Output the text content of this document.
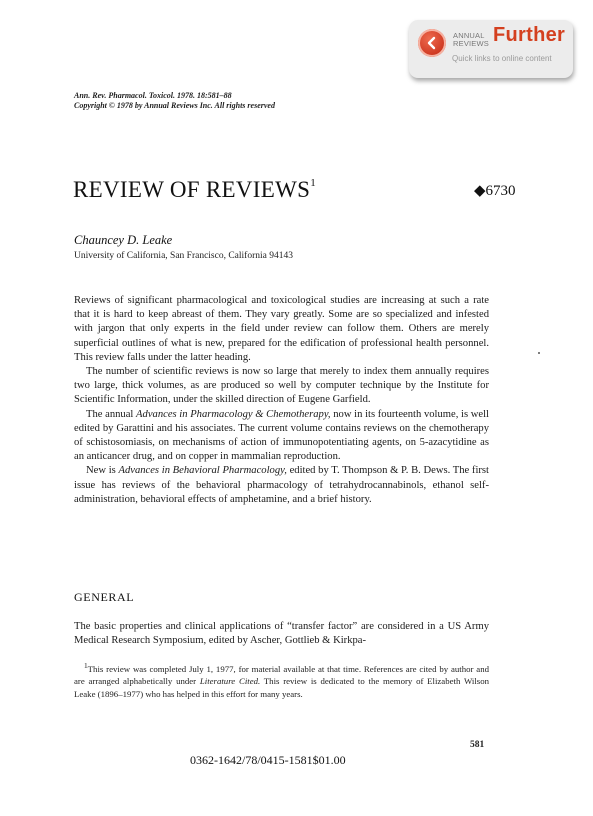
ANNUAL
REVIEWS Further
Quick links to online content
Ann. Rev. Pharmacol. Toxicol. 1978. 18:581–88
Copyright © 1978 by Annual Reviews Inc. All rights reserved
REVIEW OF REVIEWS$^1$	◆6730
Chauncey D. Leake
University of California, San Francisco, California 94143

Reviews of significant pharmacological and toxicological studies are increasing at such a rate that it is hard to keep abreast of them. They vary greatly. Some are so specialized and infested with jargon that only experts in the field under review can follow them. Others are merely superficial outlines of what is new, prepared for the edification of professional health personnel. This review falls under the latter heading.

The number of scientific reviews is now so large that merely to index them annually requires two large, thick volumes, as are produced so well by computer technique by the Institute for Scientific Information, under the skilled direction of Eugene Garfield.

The annual Advances in Pharmacology & Chemotherapy, now in its fourteenth volume, is well edited by Garattini and his associates. The current volume contains reviews on the chemotherapy of schistosomiasis, on mechanisms of action of immunopotentiating agents, on 5-azacytidine as an anticancer drug, and on copper in mammalian reproduction.

New is Advances in Behavioral Pharmacology, edited by T. Thompson & P. B. Dews. The first issue has reviews of the behavioral pharmacology of tetrahydrocannabinols, ethanol self-administration, behavioral effects of amphetamine, and a brief history.

GENERAL
The basic properties and clinical applications of “transfer factor” are considered in a US Army Medical Research Symposium, edited by Ascher, Gottlieb & Kirkpa-
$^1$This review was completed July 1, 1977, for material available at that time. References are cited by author and are arranged alphabetically under Literature Cited. This review is dedicated to the memory of Elizabeth Wilson Leake (1896–1977) who has helped in this effort for many years.
581
0362-1642/78/0415-1581$01.00
